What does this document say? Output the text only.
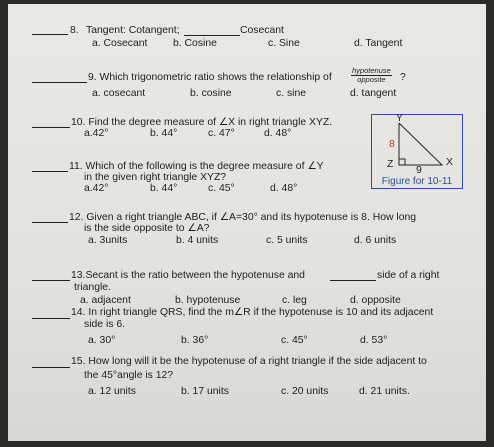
8. Tangent: Cotangent;	Cosecant
a. Cosecant b. Cosine	c. Sine	d. Tangent
9. Which trigonometric ratio shows the relationship of
hypotenuse
opposite ?
a. cosecant	b. cosine	c. sine	d. tangent
10. Find the degree measure of ∠X in right triangle XYZ.
a.42°	b. 44°	c. 47°	d. 48°
Y
8
Z
9
X
Figure for 10-11
11. Which of the following is the degree measure of ∠Y
in the given right triangle XYZ?
a.42°	b. 44°	c. 45°	d. 48°
12. Given a right triangle ABC, if ∠A=30° and its hypotenuse is 8. How long
is the side opposite to ∠A?
a. 3units	b. 4 units	c. 5 units	d. 6 units
13.Secant is the ratio between the hypotenuse and	side of a right
triangle.
a. adjacent	b. hypotenuse	c. leg	d. opposite
14. In right triangle QRS, find the m∠R if the hypotenuse is 10 and its adjacent
side is 6.
a. 30°	b. 36°	c. 45°	d. 53°
15. How long will it be the hypotenuse of a right triangle if the side adjacent to
the 45°angle is 12?
a. 12 units	b. 17 units	c. 20 units	d. 21 units.
